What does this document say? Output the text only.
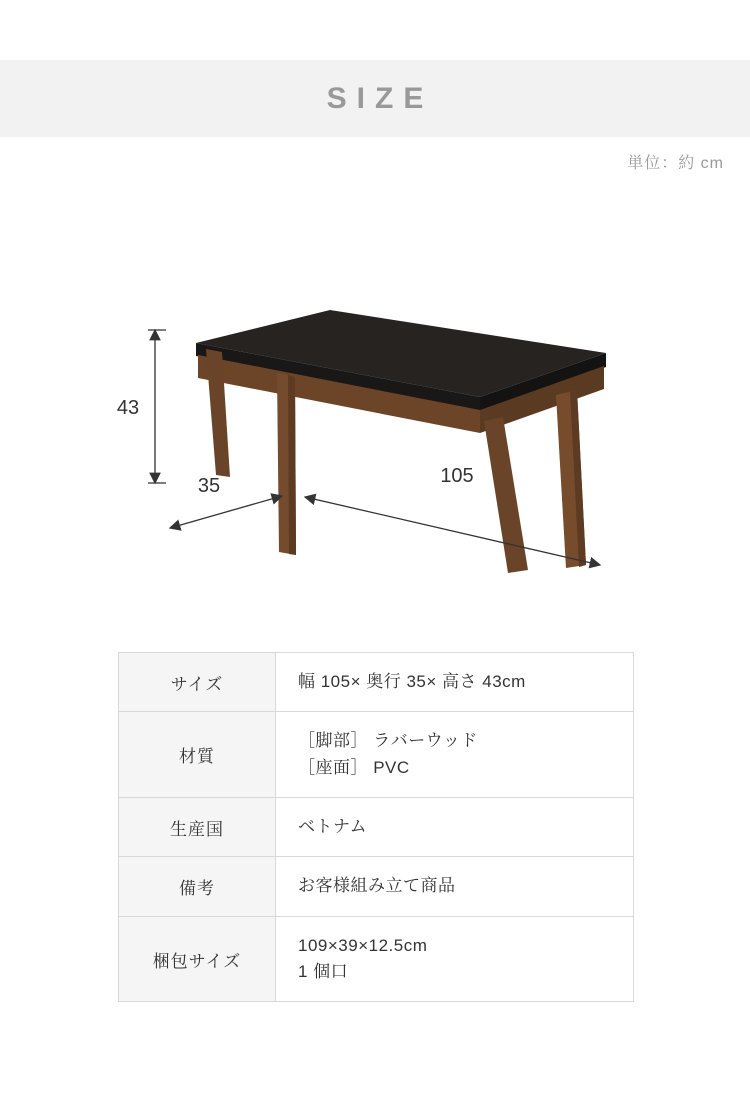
SIZE
単位：約 cm
35	105
43
サイズ	幅 105× 奥行 35× 高さ 43cm

材質	［脚部］ ラバーウッド
［座面］ PVC

生産国	ベトナム

備考	お客様組み立て商品

梱包サイズ	109×39×12.5cm
1 個口
